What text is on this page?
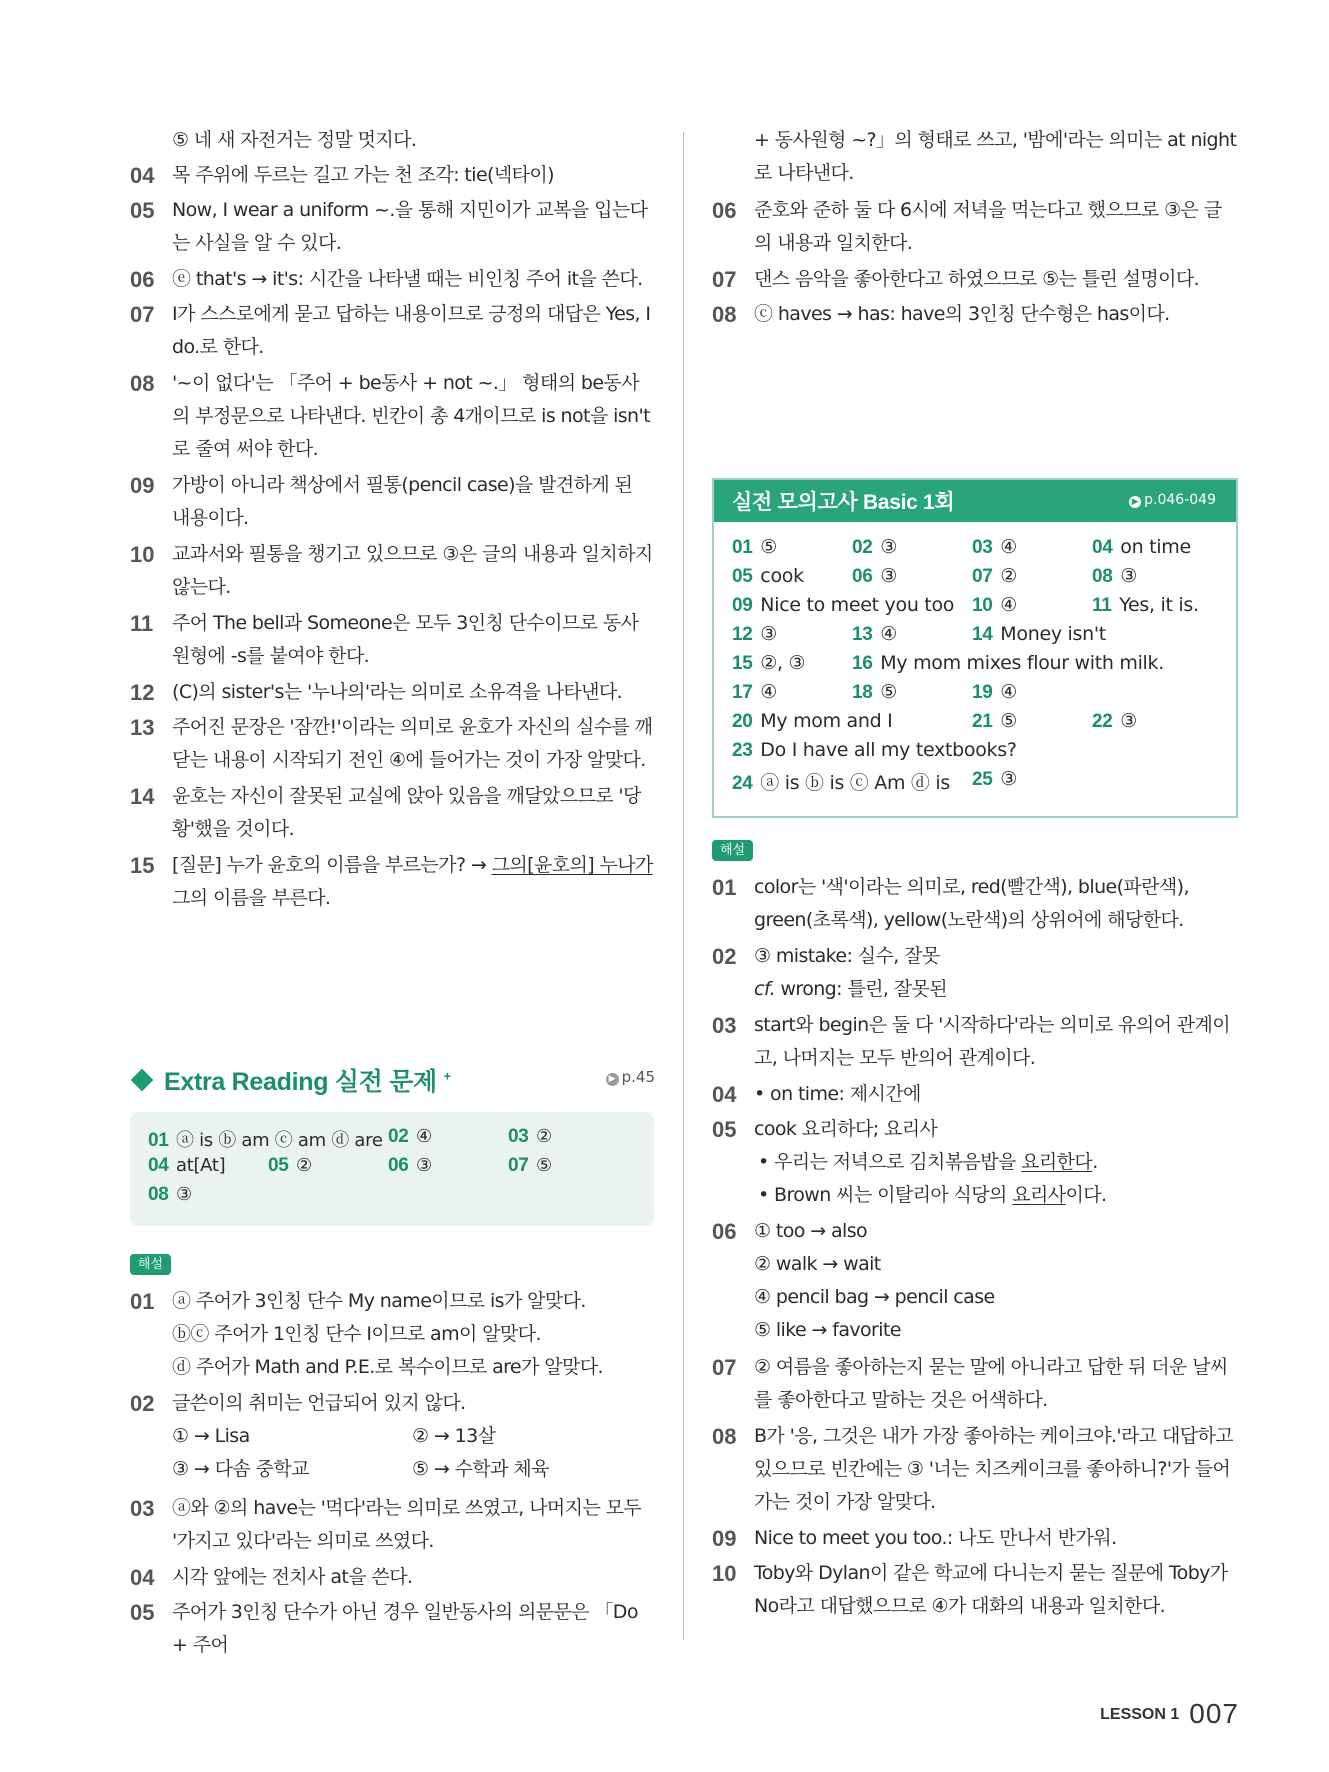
⑤ 네 새 자전거는 정말 멋지다.
04 목 주위에 두르는 길고 가는 천 조각: tie(넥타이)
05 Now, I wear a uniform ~.을 통해 지민이가 교복을 입는다는 사실을 알 수 있다.
06 ⓔ that's → it's: 시간을 나타낼 때는 비인칭 주어 it을 쓴다.
07 I가 스스로에게 묻고 답하는 내용이므로 긍정의 대답은 Yes, I do.로 한다.
08 '~이 없다'는 「주어 + be동사 + not ~.」 형태의 be동사의 부정문으로 나타낸다. 빈칸이 총 4개이므로 is not을 isn't로 줄여 써야 한다.
09 가방이 아니라 책상에서 필통(pencil case)을 발견하게 된 내용이다.
10 교과서와 필통을 챙기고 있으므로 ③은 글의 내용과 일치하지 않는다.
11 주어 The bell과 Someone은 모두 3인칭 단수이므로 동사원형에 -s를 붙여야 한다.
12 (C)의 sister's는 '누나의'라는 의미로 소유격을 나타낸다.
13 주어진 문장은 '잠깐!'이라는 의미로 윤호가 자신의 실수를 깨닫는 내용이 시작되기 전인 ④에 들어가는 것이 가장 알맞다.
14 윤호는 자신이 잘못된 교실에 앉아 있음을 깨달았으므로 '당황'했을 것이다.
15 [질문] 누가 윤호의 이름을 부르는가? → 그의[윤호의] 누나가 그의 이름을 부른다.
Extra Reading 실전 문제 +	▶ p.45
01 ⓐ is ⓑ am ⓒ am ⓓ are 02 ④	03 ②
04 at[At] 05 ②	06 ③	07 ⑤
08 ③
해설
01 ⓐ 주어가 3인칭 단수 My name이므로 is가 알맞다.
ⓑⓒ 주어가 1인칭 단수 I이므로 am이 알맞다.
ⓓ 주어가 Math and P.E.로 복수이므로 are가 알맞다.
02 글쓴이의 취미는 언급되어 있지 않다.
① → Lisa	② → 13살
③ → 다솜 중학교	⑤ → 수학과 체육
03 ⓐ와 ②의 have는 '먹다'라는 의미로 쓰였고, 나머지는 모두 '가지고 있다'라는 의미로 쓰였다.
04 시각 앞에는 전치사 at을 쓴다.
05 주어가 3인칭 단수가 아닌 경우 일반동사의 의문문은 「Do + 주어
+ 동사원형 ~?」의 형태로 쓰고, '밤에'라는 의미는 at night로 나타낸다.
06 준호와 준하 둘 다 6시에 저녁을 먹는다고 했으므로 ③은 글의 내용과 일치한다.
07 댄스 음악을 좋아한다고 하였으므로 ⑤는 틀린 설명이다.
08 ⓒ haves → has: have의 3인칭 단수형은 has이다.
실전 모의고사 Basic 1회	▶ p.046-049
01 ⑤	02 ③	03 ④	04 on time
05 cook	06 ③	07 ②	08 ③
09 Nice to meet you too 10 ④	11 Yes, it is.
12 ③	13 ④	14 Money isn't
15 ②, ③ 16 My mom mixes flour with milk.
17 ④	18 ⑤	19 ④
20 My mom and I	21 ⑤	22 ③
23 Do I have all my textbooks?
24 ⓐ is ⓑ is ⓒ Am ⓓ is 25 ③
해설
01 color는 '색'이라는 의미로, red(빨간색), blue(파란색), green(초록색), yellow(노란색)의 상위어에 해당한다.
02 ③ mistake: 실수, 잘못
cf. wrong: 틀린, 잘못된
03 start와 begin은 둘 다 '시작하다'라는 의미로 유의어 관계이고, 나머지는 모두 반의어 관계이다.
04 • on time: 제시간에
05 cook 요리하다; 요리사
• 우리는 저녁으로 김치볶음밥을 요리한다.
• Brown 씨는 이탈리아 식당의 요리사이다.
06 ① too → also
② walk → wait
④ pencil bag → pencil case
⑤ like → favorite
07 ② 여름을 좋아하는지 묻는 말에 아니라고 답한 뒤 더운 날씨를 좋아한다고 말하는 것은 어색하다.
08 B가 '응, 그것은 내가 가장 좋아하는 케이크야.'라고 대답하고 있으므로 빈칸에는 ③ '너는 치즈케이크를 좋아하니?'가 들어가는 것이 가장 알맞다.
09 Nice to meet you too.: 나도 만나서 반가워.
10 Toby와 Dylan이 같은 학교에 다니는지 묻는 질문에 Toby가 No라고 대답했으므로 ④가 대화의 내용과 일치한다.
$^{LESSON 1}$ 007
